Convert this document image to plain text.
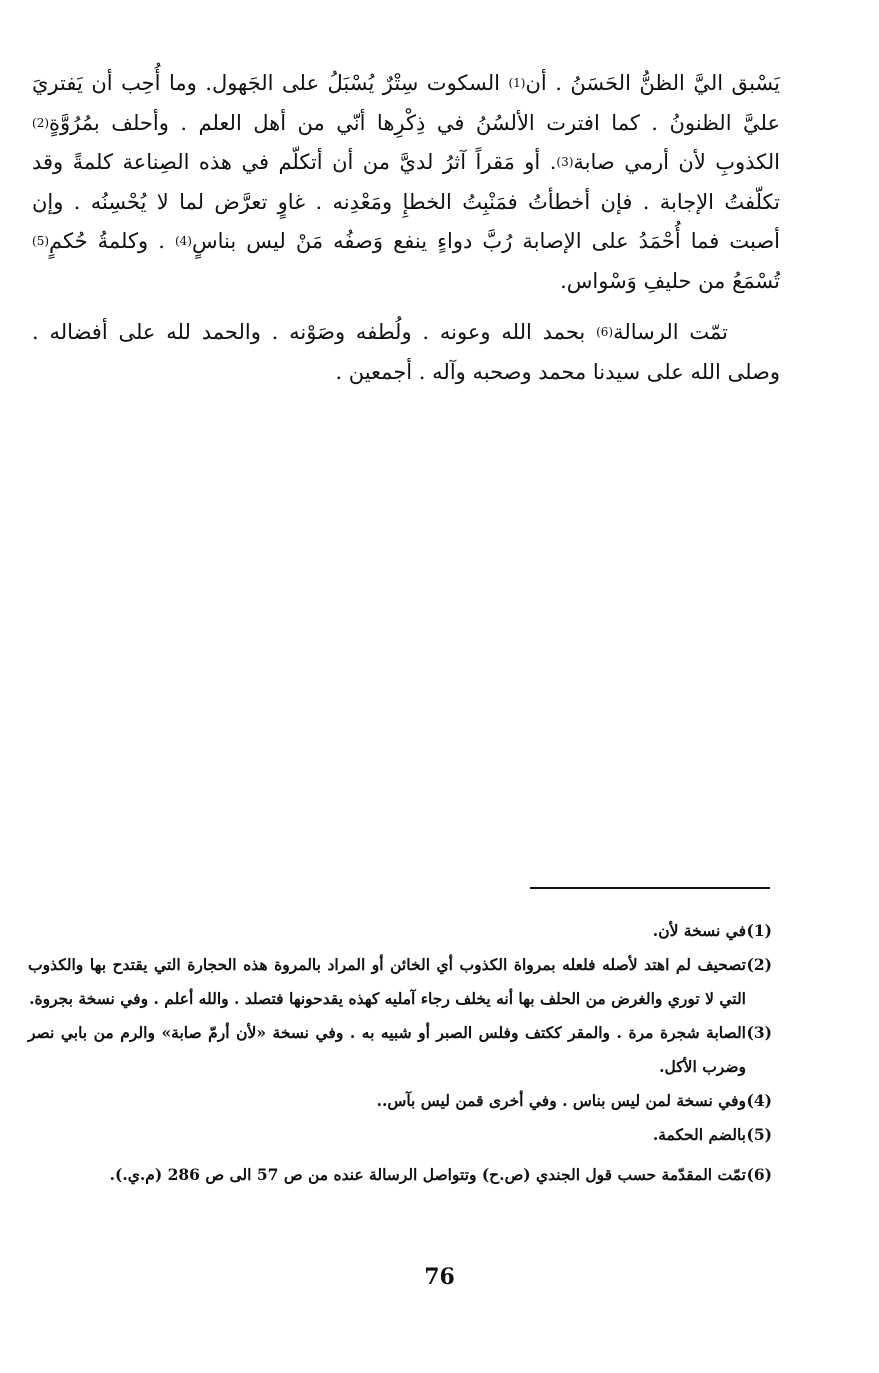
يَسْبق اليَّ الظنُّ الحَسَنُ . أن$^{(1)}$ السكوت سِتْرٌ يُسْبَلُ على الجَهول. وما أُحِب أن يَفتريَ عليَّ الظنونُ . كما افترت الألسُنُ في ذِكْرِها أنّي من أهل العلم . وأحلف بمُرُوَّةٍ$^{(2)}$ الكذوبِ لأن أرمي صابة$^{(3)}$. أو مَقراً آثرُ لديَّ من أن أتكلّم في هذه الصِناعة كلمةً وقد تكلّفتُ الإجابة . فإن أخطأتُ فمَنْبِتُ الخطإِ ومَعْدِنه . غاوٍ تعرَّض لما لا يُحْسِنُه . وإن أصبت فما أُحْمَدُ على الإصابة رُبَّ دواءٍ ينفع وَصفُه مَنْ ليس بناسٍ$^{(4)}$ . وكلمةُ حُكمٍ$^{(5)}$ تُسْمَعُ من حليفِ وَسْواس.

تمّت الرسالة$^{(6)}$ بحمد الله وعونه . ولُطفه وصَوْنه . والحمد لله على أفضاله . وصلى الله على سيدنا محمد وصحبه وآله . أجمعين .

(1)
في نسخة لأن.

(2)
تصحيف لم اهتد لأصله فلعله بمرواة الكذوب أي الخائن أو المراد بالمروة هذه الحجارة التي يقتدح بها والكذوب التي لا توري والغرض من الحلف بها أنه يخلف رجاء آمليه كهذه يقدحونها فتصلد . والله أعلم . وفي نسخة بجروة.

(3)
الصابة شجرة مرة . والمقر ككتف وفلس الصبر أو شبيه به . وفي نسخة «لأن أرمّ صابة» والرم من بابي نصر وضرب الأكل.

(4)
وفي نسخة لمن ليس بناس . وفي أخرى قمن ليس بآس..

(5)
بالضم الحكمة.

(6)
تمّت المقدّمة حسب قول الجندي (ص.ح) وتتواصل الرسالة عنده من ص 57 الى ص 286 (م.ي.).

76
